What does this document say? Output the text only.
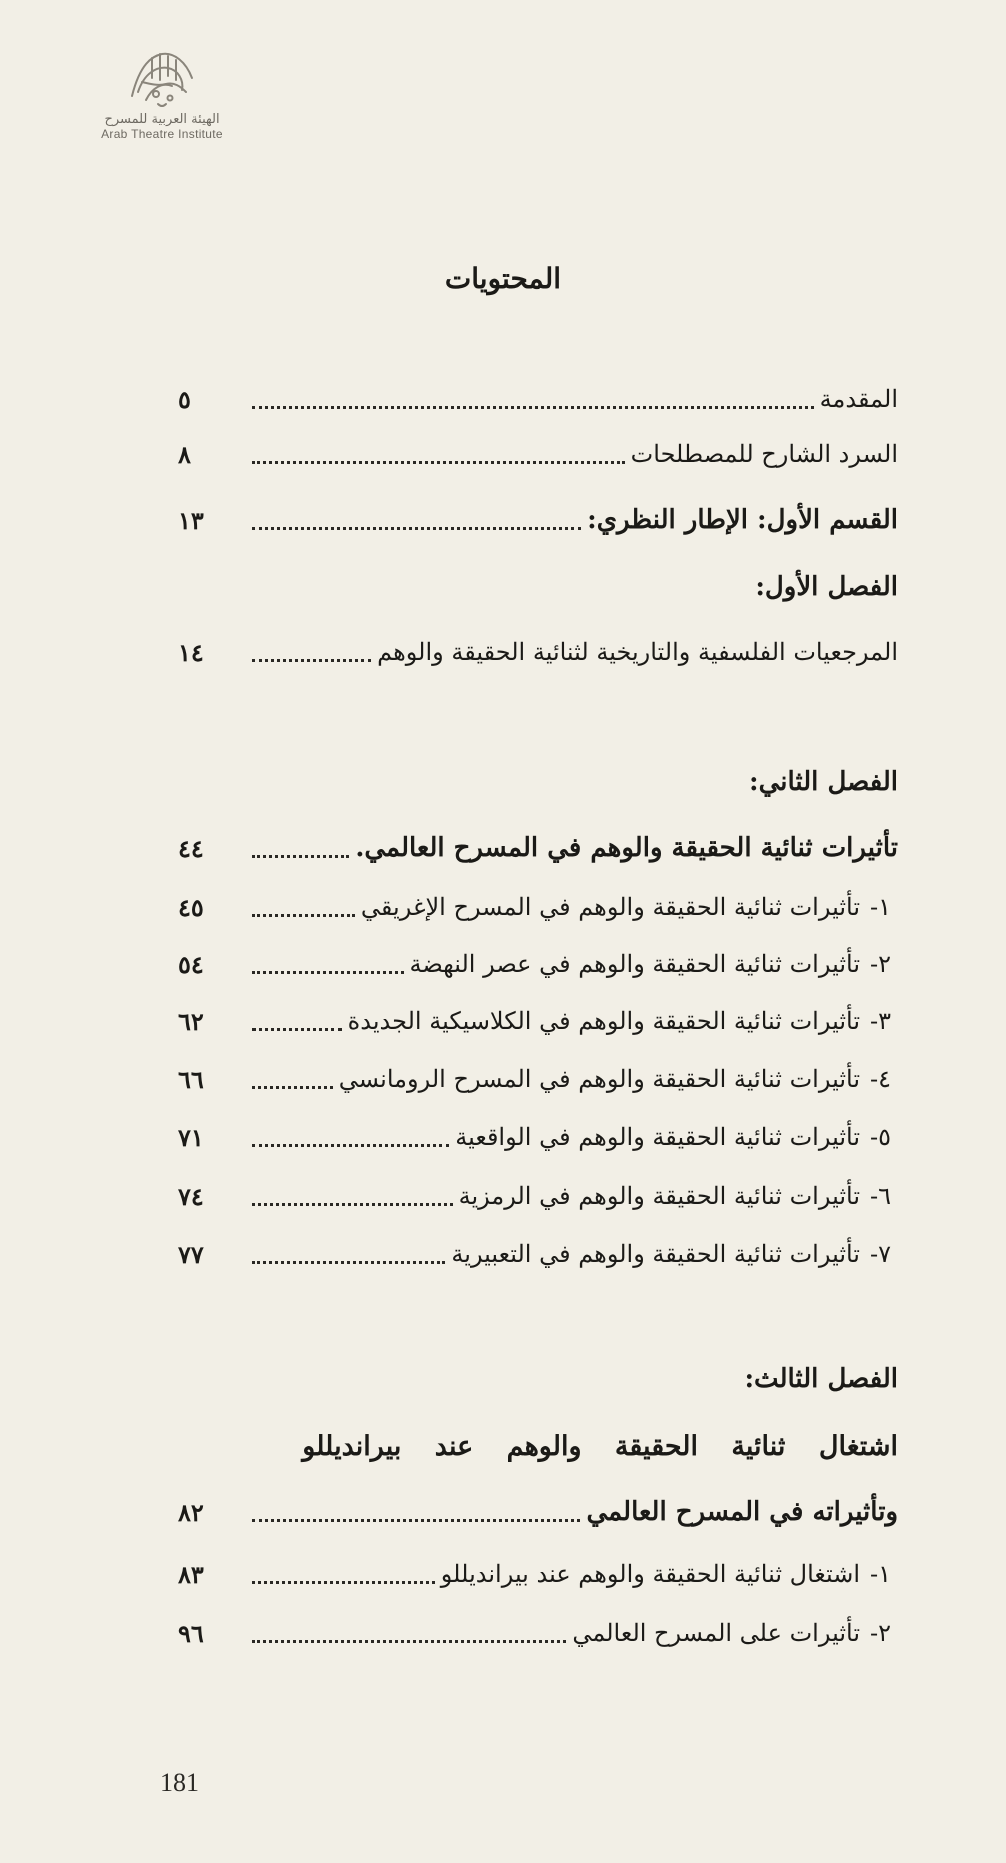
الهيئة العربية للمسرح
Arab Theatre Institute
المحتويات
المقدمة
٥
السرد الشارح للمصطلحات
٨
القسم الأول: الإطار النظري:
١٣
الفصل الأول:
المرجعيات الفلسفية والتاريخية لثنائية الحقيقة والوهم
١٤
الفصل الثاني:
تأثيرات ثنائية الحقيقة والوهم في المسرح العالمي.
٤٤
١-
تأثيرات ثنائية الحقيقة والوهم في المسرح الإغريقي
٤٥
٢-
تأثيرات ثنائية الحقيقة والوهم في عصر النهضة
٥٤
٣-
تأثيرات ثنائية الحقيقة والوهم في الكلاسيكية الجديدة
٦٢
٤-
تأثيرات ثنائية الحقيقة والوهم في المسرح الرومانسي
٦٦
٥-
تأثيرات ثنائية الحقيقة والوهم في الواقعية
٧١
٦-
تأثيرات ثنائية الحقيقة والوهم في الرمزية
٧٤
٧-
تأثيرات ثنائية الحقيقة والوهم في التعبيرية
٧٧
الفصل الثالث:
اشتغال ثنائية الحقيقة والوهم عند بيرانديللو
وتأثيراته في المسرح العالمي
٨٢
١-
اشتغال ثنائية الحقيقة والوهم عند بيرانديللو
٨٣
٢-
تأثيرات على المسرح العالمي
٩٦
181
